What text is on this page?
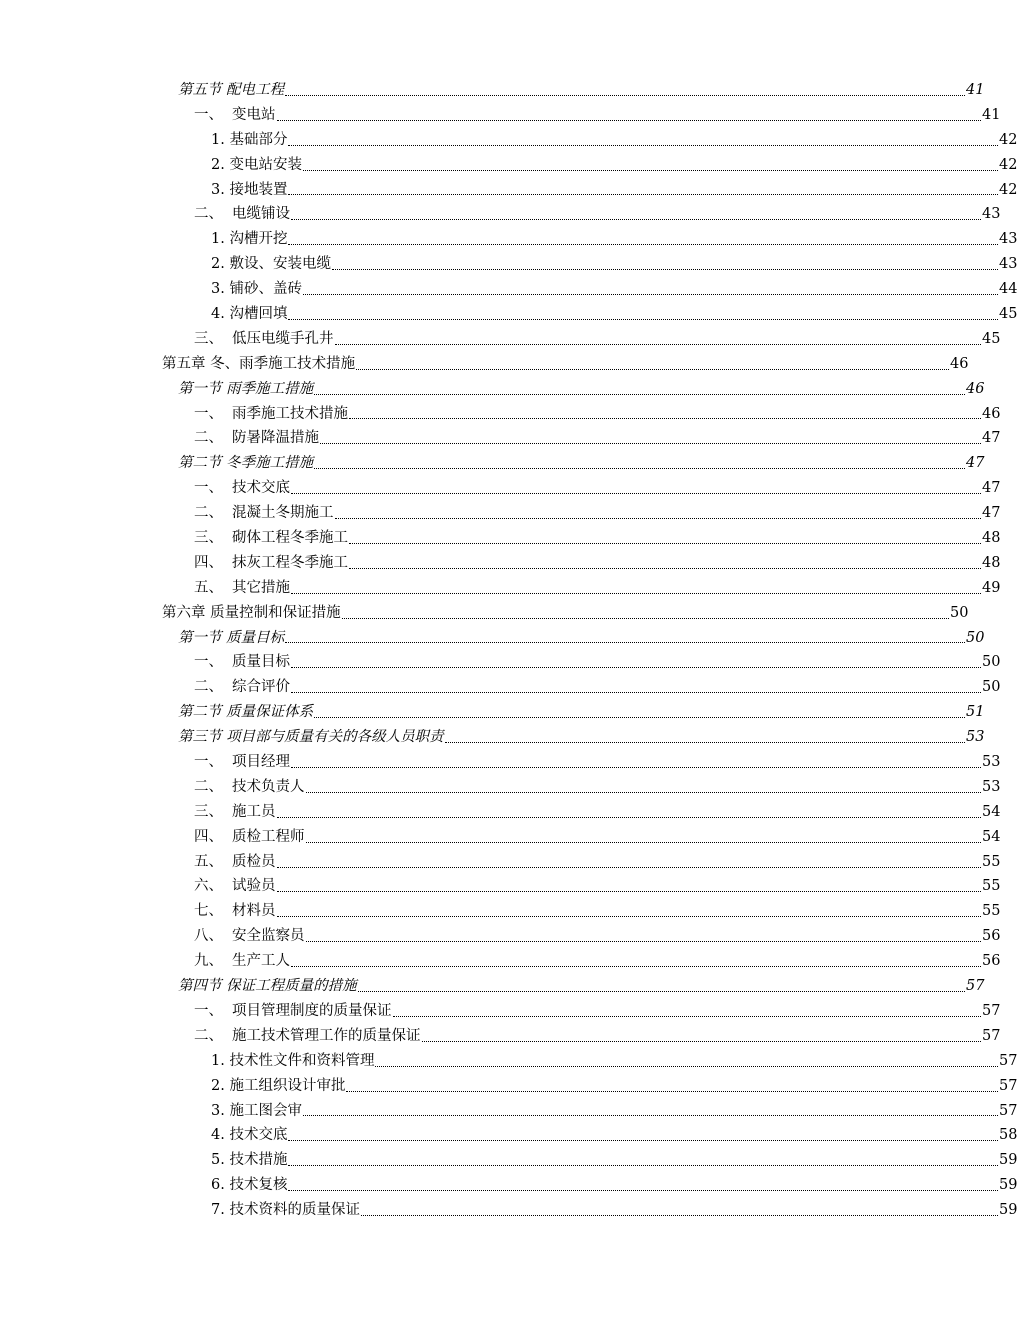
第五节 配电工程	41
一、 变电站	41
1. 基础部分	42
2. 变电站安装	42
3. 接地装置	42
二、 电缆铺设	43
1. 沟槽开挖	43
2. 敷设、安装电缆	43
3. 铺砂、盖砖	44
4. 沟槽回填	45
三、 低压电缆手孔井	45
第五章 冬、雨季施工技术措施	46
第一节 雨季施工措施	46
一、 雨季施工技术措施	46
二、 防暑降温措施	47
第二节 冬季施工措施	47
一、 技术交底	47
二、 混凝土冬期施工	47
三、 砌体工程冬季施工	48
四、 抹灰工程冬季施工	48
五、 其它措施	49
第六章 质量控制和保证措施	50
第一节 质量目标	50
一、 质量目标	50
二、 综合评价	50
第二节 质量保证体系	51
第三节 项目部与质量有关的各级人员职责	53
一、 项目经理	53
二、 技术负责人	53
三、 施工员	54
四、 质检工程师	54
五、 质检员	55
六、 试验员	55
七、 材料员	55
八、 安全监察员	56
九、 生产工人	56
第四节 保证工程质量的措施	57
一、 项目管理制度的质量保证	57
二、 施工技术管理工作的质量保证	57
1. 技术性文件和资料管理	57
2. 施工组织设计审批	57
3. 施工图会审	57
4. 技术交底	58
5. 技术措施	59
6. 技术复核	59
7. 技术资料的质量保证	59
